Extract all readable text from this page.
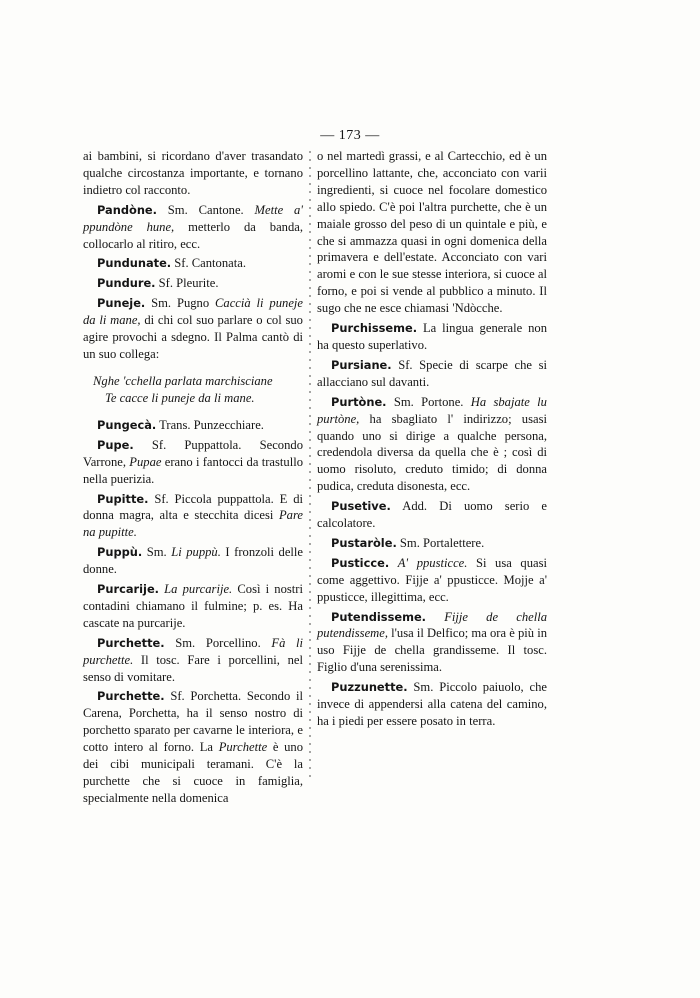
— 173 —

ai bambini, si ricordano d'aver trasandato qualche circostanza importante, e tornano indietro col racconto.

Pandòne. Sm. Cantone. Mette a' ppundòne hune, metterlo da banda, collocarlo al ritiro, ecc.

Pundunate. Sf. Cantonata.

Pundure. Sf. Pleurite.

Puneje. Sm. Pugno Caccià li puneje da li mane, di chi col suo parlare o col suo agire provochi a sdegno. Il Palma cantò di un suo collega:

Nghe 'cchella parlata marchisciane
Te cacce li puneje da li mane.

Pungecà. Trans. Punzecchiare.

Pupe. Sf. Puppattola. Secondo Varrone, Pupae erano i fantocci da trastullo nella puerizia.

Pupitte. Sf. Piccola puppattola. E di donna magra, alta e stecchita dicesi Pare na pupitte.

Puppù. Sm. Li puppù. I fronzoli delle donne.

Purcarije. La purcarije. Così i nostri contadini chiamano il fulmine; p. es. Ha cascate na purcarije.

Purchette. Sm. Porcellino. Fà li purchette. Il tosc. Fare i porcellini, nel senso di vomitare.

Purchette. Sf. Porchetta. Secondo il Carena, Porchetta, ha il senso nostro di porchetto sparato per cavarne le interiora, e cotto intero al forno. La Purchette è uno dei cibi municipali teramani. C'è la purchette che si cuoce in famiglia, specialmente nella domenica

o nel martedì grassi, e al Cartecchio, ed è un porcellino lattante, che, acconciato con varii ingredienti, si cuoce nel focolare domestico allo spiedo. C'è poi l'altra purchette, che è un maiale grosso del peso di un quintale e più, e che si ammazza quasi in ogni domenica della primavera e dell'estate. Acconciato con vari aromi e con le sue stesse interiora, si cuoce al forno, e poi si vende al pubblico a minuto. Il sugo che ne esce chiamasi 'Ndòcche.

Purchisseme. La lingua generale non ha questo superlativo.

Pursiane. Sf. Specie di scarpe che si allacciano sul davanti.

Purtòne. Sm. Portone. Ha sbajate lu purtòne, ha sbagliato l' indirizzo; usasi quando uno si dirige a qualche persona, credendola diversa da quella che è ; così di uomo risoluto, creduto timido; di donna pudica, creduta disonesta, ecc.

Pusetive. Add. Di uomo serio e calcolatore.

Pustaròle. Sm. Portalettere.

Pusticce. A' ppusticce. Si usa quasi come aggettivo. Fijje a' ppusticce. Mojje a' ppusticce, illegittima, ecc.

Putendisseme. Fijje de chella putendisseme, l'usa il Delfico; ma ora è più in uso Fijje de chella grandisseme. Il tosc. Figlio d'una serenissima.

Puzzunette. Sm. Piccolo paiuolo, che invece di appendersi alla catena del camino, ha i piedi per essere posato in terra.
